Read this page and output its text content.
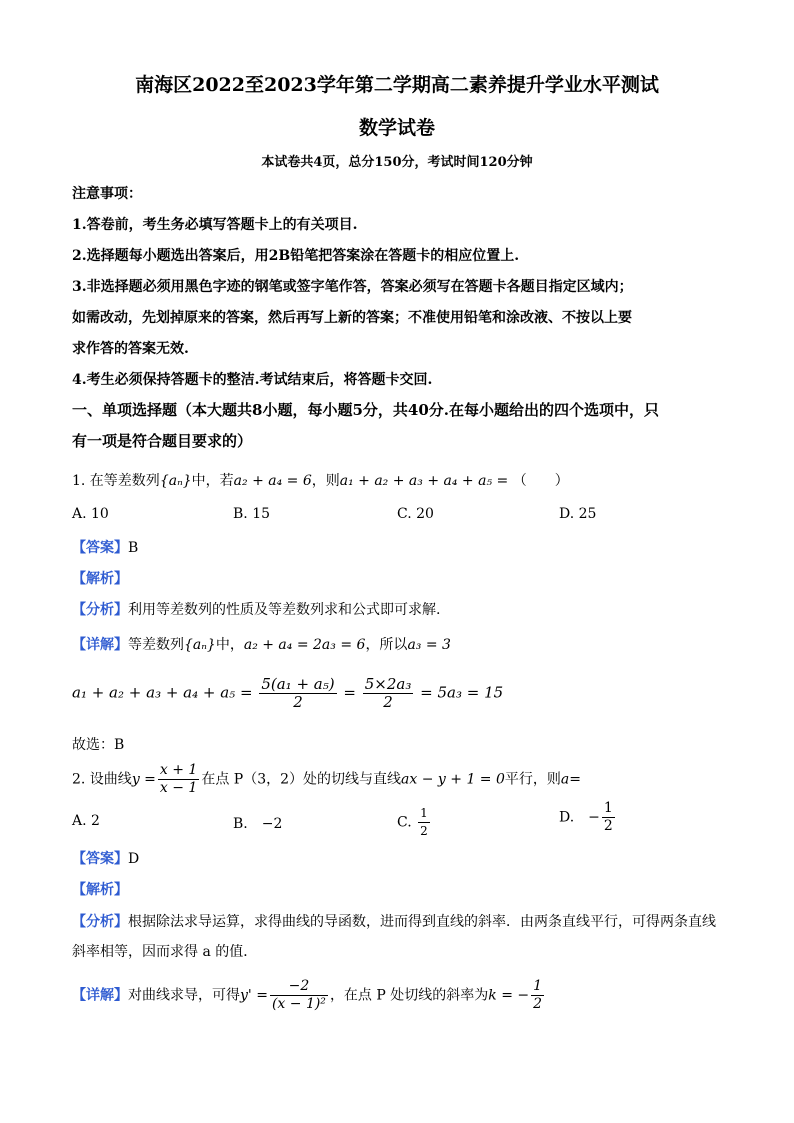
南海区2022至2023学年第二学期高二素养提升学业水平测试
数学试卷
本试卷共4页，总分150分，考试时间120分钟
注意事项：
1.答卷前，考生务必填写答题卡上的有关项目.
2.选择题每小题选出答案后，用2B铅笔把答案涂在答题卡的相应位置上.
3.非选择题必须用黑色字迹的钢笔或签字笔作答，答案必须写在答题卡各题目指定区域内；
如需改动，先划掉原来的答案，然后再写上新的答案；不准使用铅笔和涂改液、不按以上要
求作答的答案无效.
4.考生必须保持答题卡的整洁.考试结束后，将答题卡交回.
一、单项选择题（本大题共8小题，每小题5分，共40分.在每小题给出的四个选项中，只
有一项是符合题目要求的）
1. 在等差数列{aₙ}中，若a₂ + a₄ = 6，则a₁ + a₂ + a₃ + a₄ + a₅ = （　　）
A. 10	B. 15	C. 20	D. 25
【答案】B
【解析】
【分析】利用等差数列的性质及等差数列求和公式即可求解.
【详解】等差数列{aₙ}中，a₂ + a₄ = 2a₃ = 6，所以a₃ = 3
$a_1 + a_2 + a_3 + a_4 + a_5 = \frac{\text{5(a₁ + a₅)}}{2} = \frac{\text{5×2a₃}}{2} = 5a_3 = 15$
故选：B
2. 设曲线$y = \frac{x + 1}{x - 1}$ 在点 P（3，2）处的切线与直线ax − y + 1 = 0平行，则a=
A. 2	B.　−2	C. $\frac{1}{2}$	D.　− $\frac{1}{2}$
【答案】D
【解析】
【分析】根据除法求导运算，求得曲线的导函数，进而得到直线的斜率．由两条直线平行，可得两条直线
斜率相等，因而求得 a 的值．
【详解】对曲线求导，可得$y' = \frac{-2}{\text{(x − 1)²}}$ ，在点 P 处切线的斜率为k = − $\frac{1}{2}$
